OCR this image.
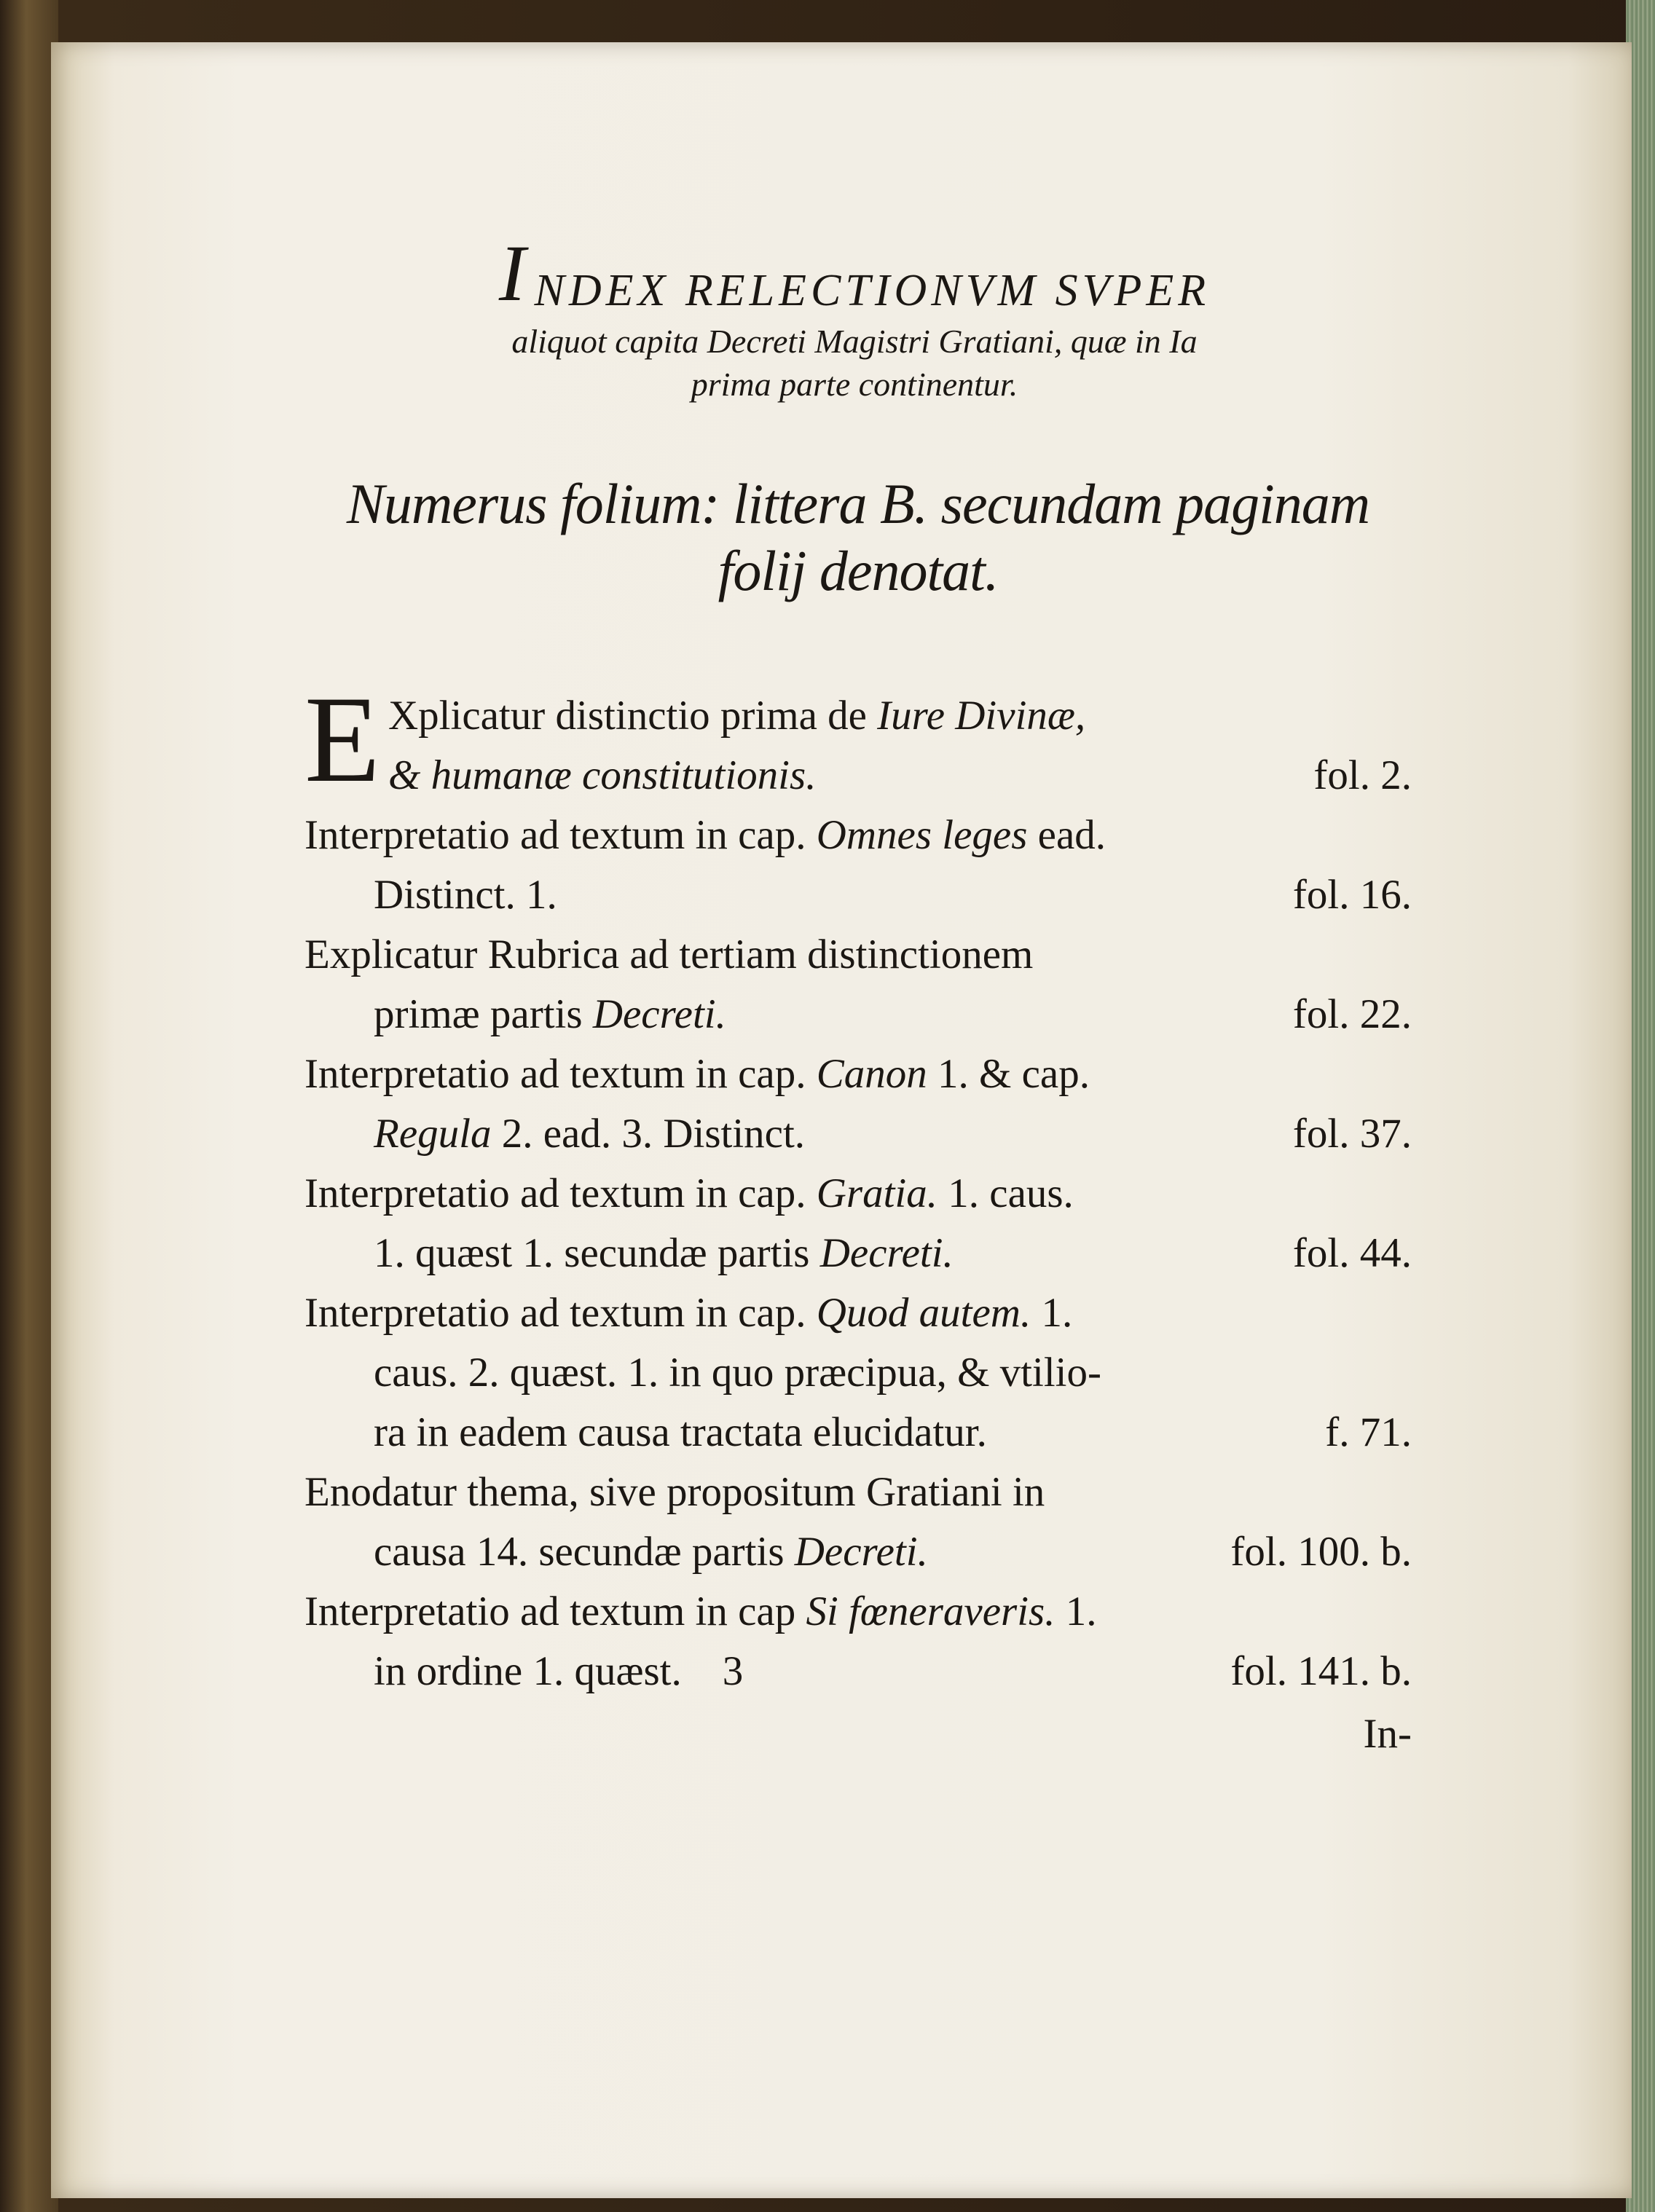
I NDEX RELECTIONVM SVPER
aliquot capita Decreti Magistri Gratiani, quæ in Ia
prima parte continentur.
Numerus folium: littera B. secundam paginam
folij denotat.
E Xplicatur distinctio prima de Iure Divinæ,
& humanæ constitutionis.	fol. 2.
Interpretatio ad textum in cap. Omnes leges ead.
Distinct. 1.	fol. 16.
Explicatur Rubrica ad tertiam distinctionem
primæ partis Decreti.	fol. 22.
Interpretatio ad textum in cap. Canon 1. & cap.
Regula 2. ead. 3. Distinct.	fol. 37.
Interpretatio ad textum in cap. Gratia. 1. caus.
1. quæst 1. secundæ partis Decreti.	fol. 44.
Interpretatio ad textum in cap. Quod autem. 1.
caus. 2. quæst. 1. in quo præcipua, & vtilio-
ra in eadem causa tractata elucidatur.	f. 71.
Enodatur thema, sive propositum Gratiani in
causa 14. secundæ partis Decreti.	fol. 100. b.
Interpretatio ad textum in cap Si fœneraveris. 1.
in ordine 1. quæst. 3	fol. 141. b.
In-
